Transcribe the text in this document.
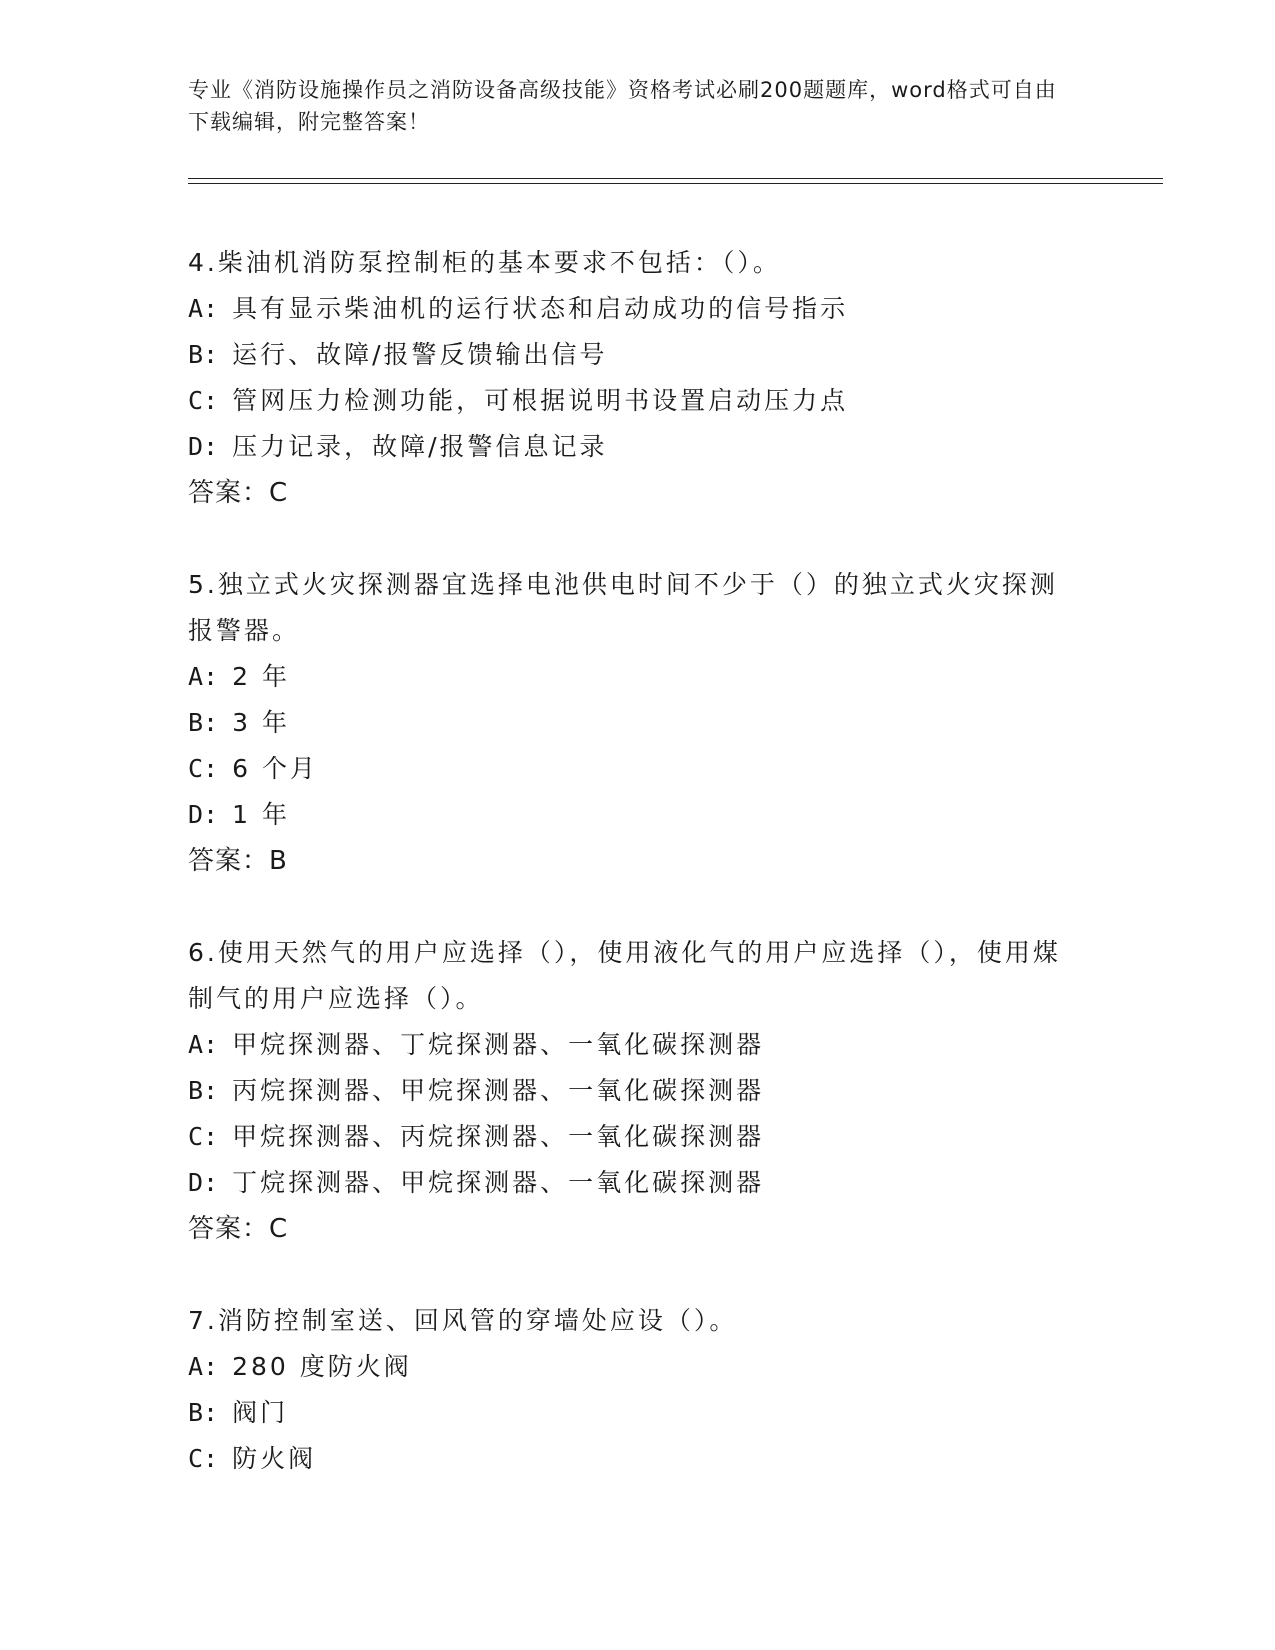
专业《消防设施操作员之消防设备高级技能》资格考试必刷200题题库，word格式可自由下载编辑，附完整答案！
4.柴油机消防泵控制柜的基本要求不包括：（）。
A: 具有显示柴油机的运行状态和启动成功的信号指示
B: 运行、故障/报警反馈输出信号
C: 管网压力检测功能，可根据说明书设置启动压力点
D: 压力记录，故障/报警信息记录
答案：C
5.独立式火灾探测器宜选择电池供电时间不少于（）的独立式火灾探测报警器。
A: 2 年
B: 3 年
C: 6 个月
D: 1 年
答案：B
6.使用天然气的用户应选择（），使用液化气的用户应选择（），使用煤制气的用户应选择（）。
A: 甲烷探测器、丁烷探测器、一氧化碳探测器
B: 丙烷探测器、甲烷探测器、一氧化碳探测器
C: 甲烷探测器、丙烷探测器、一氧化碳探测器
D: 丁烷探测器、甲烷探测器、一氧化碳探测器
答案：C
7.消防控制室送、回风管的穿墙处应设（）。
A: 280 度防火阀
B: 阀门
C: 防火阀
